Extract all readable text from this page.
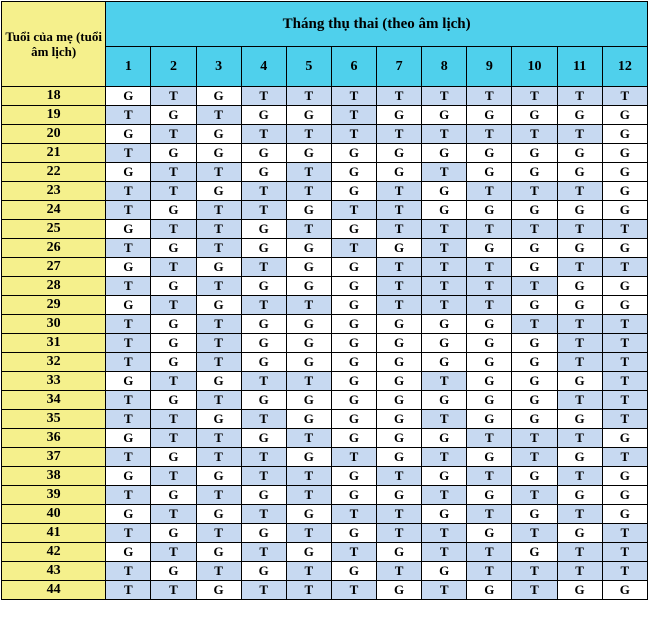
Tuổi của mẹ (tuổi âm lịch)	Tháng thụ thai (theo âm lịch)											
	1	2	3	4	5	6	7	8	9	10	11	12
18	G	T	G	T	T	T	T	T	T	T	T	T
19	T	G	T	G	G	T	G	G	G	G	G	G
20	G	T	G	T	T	T	T	T	T	T	T	G
21	T	G	G	G	G	G	G	G	G	G	G	G
22	G	T	T	G	T	G	G	T	G	G	G	G
23	T	T	G	T	T	G	T	G	T	T	T	G
24	T	G	T	T	G	T	T	G	G	G	G	G
25	G	T	T	G	T	G	T	T	T	T	T	T
26	T	G	T	G	G	T	G	T	G	G	G	G
27	G	T	G	T	G	G	T	T	T	G	T	T
28	T	G	T	G	G	G	T	T	T	T	G	G
29	G	T	G	T	T	G	T	T	T	G	G	G
30	T	G	T	G	G	G	G	G	G	T	T	T
31	T	G	T	G	G	G	G	G	G	G	T	T
32	T	G	T	G	G	G	G	G	G	G	T	T
33	G	T	G	T	T	G	G	T	G	G	G	T
34	T	G	T	G	G	G	G	G	G	G	T	T
35	T	T	G	T	G	G	G	T	G	G	G	T
36	G	T	T	G	T	G	G	G	T	T	T	G
37	T	G	T	T	G	T	G	T	G	T	G	T
38	G	T	G	T	T	G	T	G	T	G	T	G
39	T	G	T	G	T	G	G	T	G	T	G	G
40	G	T	G	T	G	T	T	G	T	G	T	G
41	T	G	T	G	T	G	T	T	G	T	G	T
42	G	T	G	T	G	T	G	T	T	G	T	T
43	T	G	T	G	T	G	T	G	T	T	T	T
44	T	T	G	T	T	T	G	T	G	T	G	G
